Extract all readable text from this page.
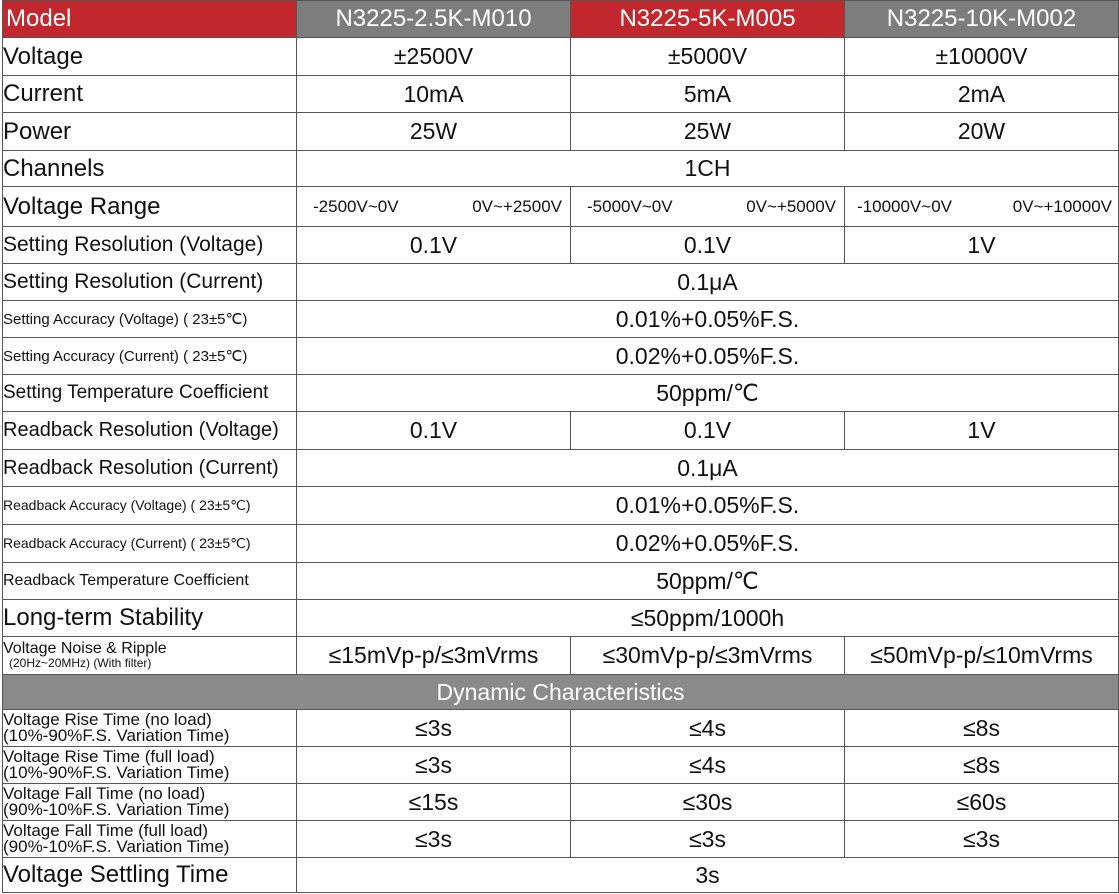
Model	N3225-2.5K-M010	N3225-5K-M005	N3225-10K-M002
Voltage	±2500V	±5000V	±10000V
Current	10mA	5mA	2mA
Power	25W	25W	20W
Channels	1CH		
Voltage Range	-2500V~0V 0V~+2500V	-5000V~0V 0V~+5000V	-10000V~0V 0V~+10000V

Setting Resolution (Voltage)	0.1V	0.1V	1V
Setting Resolution (Current)	0.1μA		
Setting Accuracy (Voltage) ( 23±5℃)	0.01%+0.05%F.S.		
Setting Accuracy (Current) ( 23±5℃)	0.02%+0.05%F.S.		
Setting Temperature Coefficient	50ppm/℃		
Readback Resolution (Voltage)	0.1V	0.1V	1V
Readback Resolution (Current)	0.1μA		
Readback Accuracy (Voltage) ( 23±5℃)	0.01%+0.05%F.S.		
Readback Accuracy (Current) ( 23±5℃)	0.02%+0.05%F.S.		
Readback Temperature Coefficient	50ppm/℃		
Long-term Stability	≤50ppm/1000h		
Voltage Noise & Ripple
(20Hz~20MHz) (With filter)	≤15mVp-p/≤3mVrms	≤30mVp-p/≤3mVrms	≤50mVp-p/≤10mVrms
Dynamic Characteristics			
Voltage Rise Time (no load)
(10%-90%F.S. Variation Time)	≤3s	≤4s	≤8s
Voltage Rise Time (full load)
(10%-90%F.S. Variation Time)	≤3s	≤4s	≤8s
Voltage Fall Time (no load)
(90%-10%F.S. Variation Time)	≤15s	≤30s	≤60s
Voltage Fall Time (full load)
(90%-10%F.S. Variation Time)	≤3s	≤3s	≤3s
Voltage Settling Time	3s		
